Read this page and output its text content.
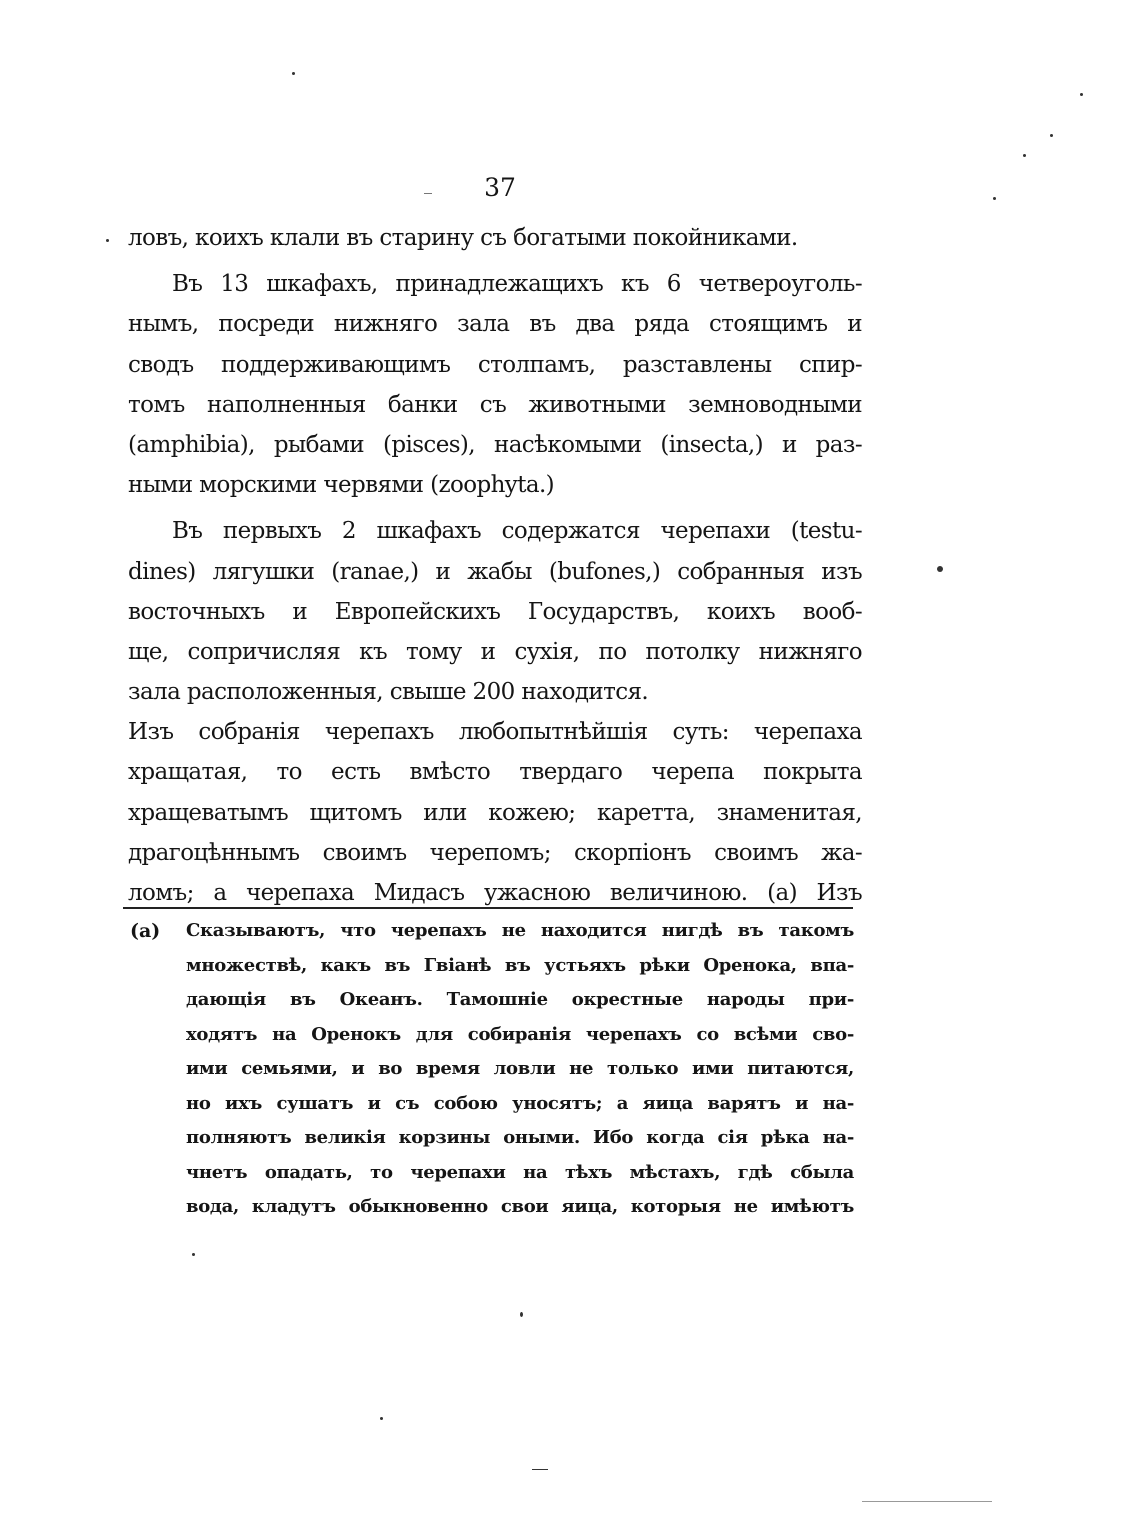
37
ловъ, коихъ клали въ старину съ богатыми покойниками.
Въ 13 шкафахъ, принадлежащихъ къ 6 четвероуголь-
нымъ, посреди нижняго зала въ два ряда стоящимъ и
сводъ поддерживающимъ столпамъ, разставлены спир-
томъ наполненныя банки съ животными земноводными
(amphibia), рыбами (pisces), насѣкомыми (insecta,) и раз-
ными морскими червями (zoophyta.)
Въ первыхъ 2 шкафахъ содержатся черепахи (testu-
dines) лягушки (ranae,) и жабы (bufones,) собранныя изъ
восточныхъ и Европейскихъ Государствъ, коихъ вооб-
ще, сопричисляя къ тому и сухія, по потолку нижняго
зала расположенныя, свыше 200 находится.
Изъ собранія черепахъ любопытнѣйшія суть: черепаха
хращатая, то есть вмѣсто твердаго черепа покрыта
хращеватымъ щитомъ или кожею; каретта, знаменитая,
драгоцѣннымъ своимъ черепомъ; скорпіонъ своимъ жа-
ломъ; а черепаха Мидасъ ужасною величиною. (a) Изъ
(a) Сказываютъ, что черепахъ не находится нигдѣ въ такомъ
множествѣ, какъ въ Гвіанѣ въ устьяхъ рѣки Оренока, впа-
дающія въ Океанъ. Тамошніе окрестные народы при-
ходятъ на Оренокъ для собиранія черепахъ со всѣми сво-
ими семьями, и во время ловли не только ими питаются,
но ихъ сушатъ и съ собою уносятъ; а яица варятъ и на-
полняютъ великія корзины оными. Ибо когда сія рѣка на-
чнетъ опадать, то черепахи на тѣхъ мѣстахъ, гдѣ сбыла
вода, кладутъ обыкновенно свои яица, которыя не имѣютъ
